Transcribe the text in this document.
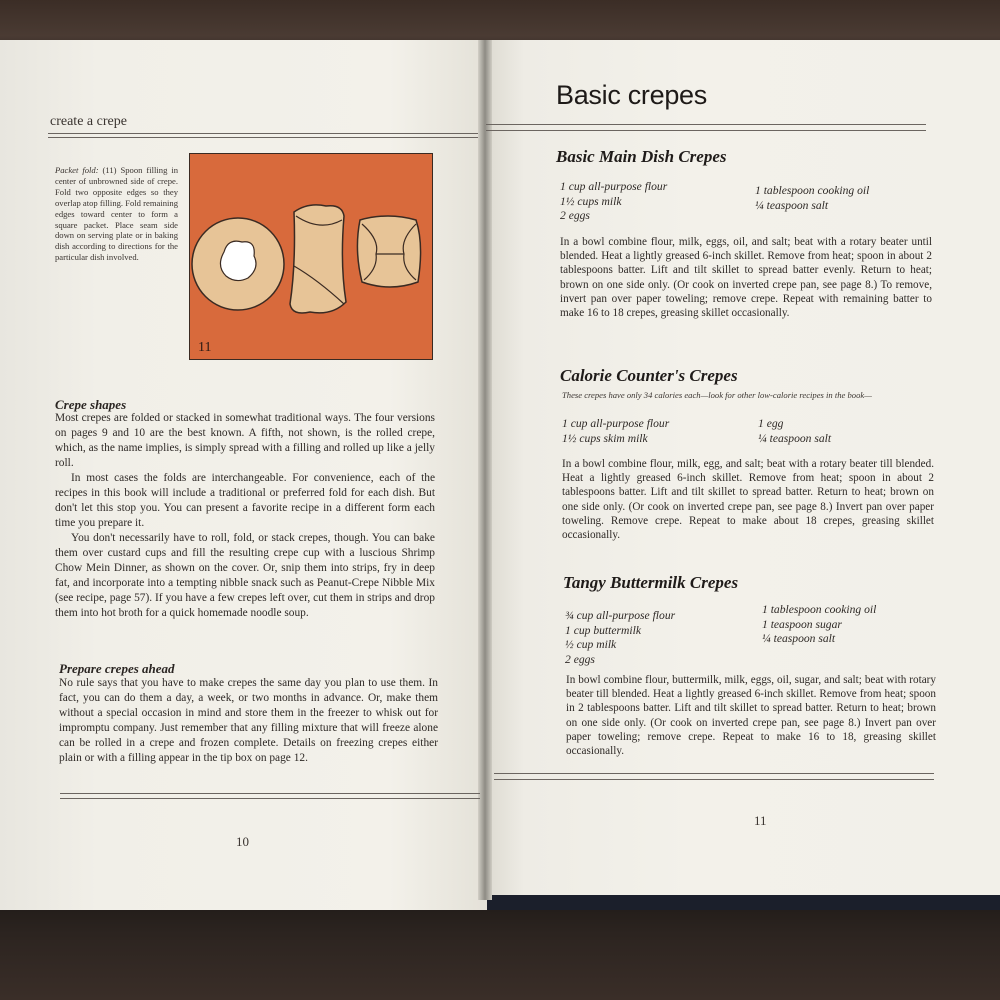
create a crepe
Packet fold: (11) Spoon filling in center of unbrowned side of crepe. Fold two opposite edges so they overlap atop filling. Fold remaining edges toward center to form a square packet. Place seam side down on serving plate or in baking dish according to directions for the particular dish involved.
11
Crepe shapes

Most crepes are folded or stacked in somewhat traditional ways. The four versions on pages 9 and 10 are the best known. A fifth, not shown, is the rolled crepe, which, as the name implies, is simply spread with a filling and rolled up like a jelly roll.

In most cases the folds are interchangeable. For convenience, each of the recipes in this book will include a traditional or preferred fold for each dish. But don't let this stop you. You can present a favorite recipe in a different form each time you prepare it.

You don't necessarily have to roll, fold, or stack crepes, though. You can bake them over custard cups and fill the resulting crepe cup with a luscious Shrimp Chow Mein Dinner, as shown on the cover. Or, snip them into strips, fry in deep fat, and incorporate into a tempting nibble snack such as Peanut-Crepe Nibble Mix (see recipe, page 57). If you have a few crepes left over, cut them in strips and drop them into hot broth for a quick homemade noodle soup.

Prepare crepes ahead

No rule says that you have to make crepes the same day you plan to use them. In fact, you can do them a day, a week, or two months in advance. Or, make them without a special occasion in mind and store them in the freezer to whisk out for impromptu company. Just remember that any filling mixture that will freeze alone can be rolled in a crepe and frozen complete. Details on freezing crepes either plain or with a filling appear in the tip box on page 12.

10
Basic crepes
Basic Main Dish Crepes
1 cup all-purpose flour
1½ cups milk
2 eggs
1 tablespoon cooking oil
¼ teaspoon salt
In a bowl combine flour, milk, eggs, oil, and salt; beat with a rotary beater until blended. Heat a lightly greased 6-inch skillet. Remove from heat; spoon in about 2 tablespoons batter. Lift and tilt skillet to spread batter evenly. Return to heat; brown on one side only. (Or cook on inverted crepe pan, see page 8.) To remove, invert pan over paper toweling; remove crepe. Repeat with remaining batter to make 16 to 18 crepes, greasing skillet occasionally.
Calorie Counter's Crepes
These crepes have only 34 calories each—look for other low-calorie recipes in the book—
1 cup all-purpose flour
1½ cups skim milk
1 egg
¼ teaspoon salt
In a bowl combine flour, milk, egg, and salt; beat with a rotary beater till blended. Heat a lightly greased 6-inch skillet. Remove from heat; spoon in about 2 tablespoons batter. Lift and tilt skillet to spread batter. Return to heat; brown on one side only. (Or cook on inverted crepe pan, see page 8.) Invert pan over paper toweling. Remove crepe. Repeat to make about 18 crepes, greasing skillet occasionally.
Tangy Buttermilk Crepes
¾ cup all-purpose flour
1 cup buttermilk
½ cup milk
2 eggs
1 tablespoon cooking oil
1 teaspoon sugar
¼ teaspoon salt
In bowl combine flour, buttermilk, milk, eggs, oil, sugar, and salt; beat with rotary beater till blended. Heat a lightly greased 6-inch skillet. Remove from heat; spoon in 2 tablespoons batter. Lift and tilt skillet to spread batter. Return to heat; brown on one side only. (Or cook on inverted crepe pan, see page 8.) Invert pan over paper toweling; remove crepe. Repeat to make 16 to 18, greasing skillet occasionally.
11
